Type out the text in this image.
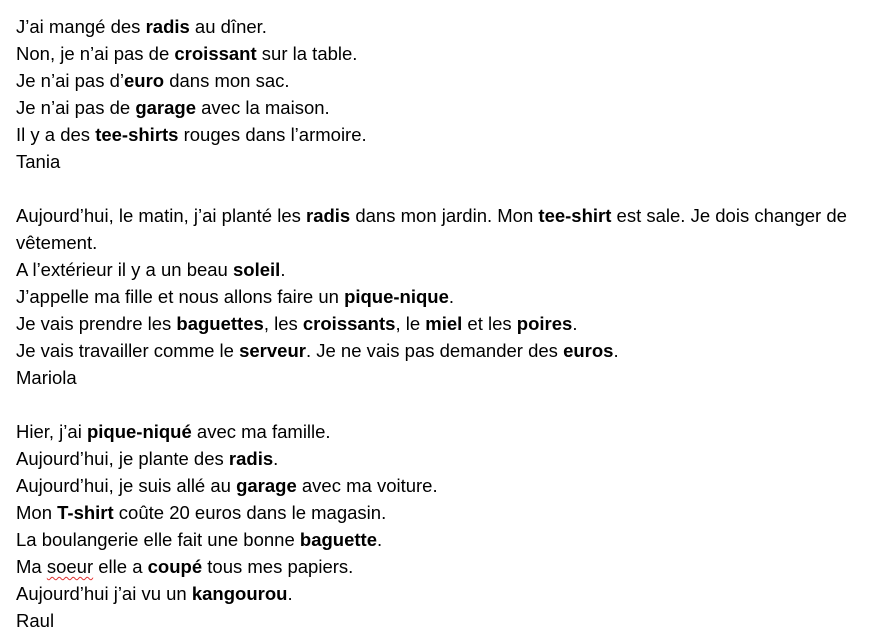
J’ai mangé des radis au dîner.
Non, je n’ai pas de croissant sur la table.
Je n’ai pas d’euro dans mon sac.
Je n’ai pas de garage avec la maison.
Il y a des tee-shirts rouges dans l’armoire.
Tania
Aujourd’hui, le matin, j’ai planté les radis dans mon jardin. Mon tee-shirt est sale. Je dois changer de vêtement.
A l’extérieur il y a un beau soleil.
J’appelle ma fille et nous allons faire un pique-nique.
Je vais prendre les baguettes, les croissants, le miel et les poires.
Je vais travailler comme le serveur. Je ne vais pas demander des euros.
Mariola
Hier, j’ai pique-niqué avec ma famille.
Aujourd’hui, je plante des radis.
Aujourd’hui, je suis allé au garage avec ma voiture.
Mon T-shirt coûte 20 euros dans le magasin.
La boulangerie elle fait une bonne baguette.
Ma soeur elle a coupé tous mes papiers.
Aujourd’hui j’ai vu un kangourou.
Raul
